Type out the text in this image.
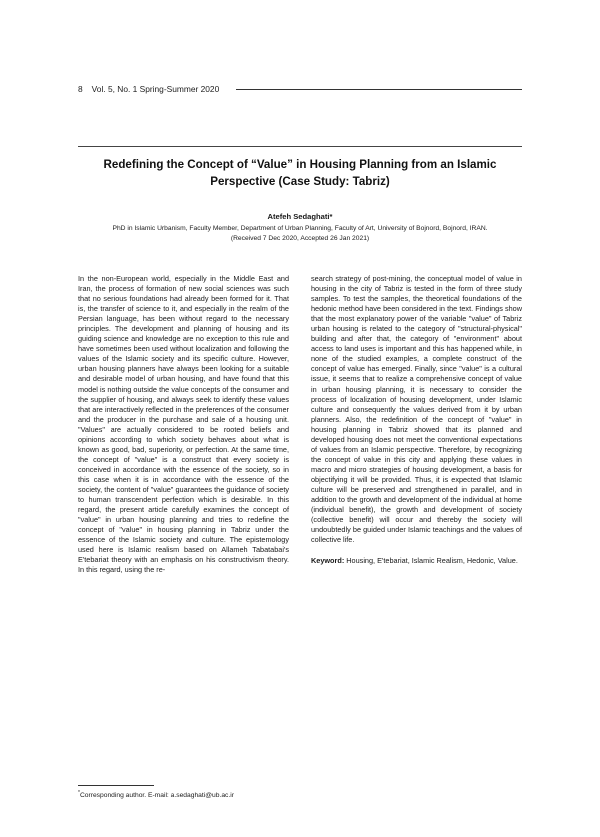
8 Vol. 5, No. 1 Spring-Summer 2020
Redefining the Concept of “Value” in Housing Planning from an Islamic Perspective (Case Study: Tabriz)
Atefeh Sedaghati*
PhD in Islamic Urbanism, Faculty Member, Department of Urban Planning, Faculty of Art, University of Bojnord, Bojnord, IRAN.
(Received 7 Dec 2020, Accepted 26 Jan 2021)

In the non-European world, especially in the Middle East and Iran, the process of formation of new social sciences was such that no serious foundations had already been formed for it. That is, the transfer of science to it, and especially in the realm of the Persian language, has been without regard to the necessary principles. The development and planning of housing and its guiding science and knowledge are no exception to this rule and have sometimes been used without localization and following the values of the Islamic society and its specific culture. However, urban housing planners have always been looking for a suitable and desirable model of urban housing, and have found that this model is nothing outside the value concepts of the consumer and the supplier of housing, and always seek to identify these values that are interactively reflected in the preferences of the consumer and the producer in the purchase and sale of a housing unit. "Values" are actually considered to be rooted beliefs and opinions according to which society behaves about what is known as good, bad, superiority, or perfection. At the same time, the concept of "value" is a construct that every society is conceived in accordance with the essence of the society, so in this case when it is in accordance with the essence of the society, the content of "value" guarantees the guidance of society to human transcendent perfection which is desirable. In this regard, the present article carefully examines the concept of "value" in urban housing planning and tries to redefine the concept of "value" in housing planning in Tabriz under the essence of the Islamic society and culture. The epistemology used here is Islamic realism based on Allameh Tabatabai's E'tebariat theory with an emphasis on his constructivism theory. In this regard, using the re-

search strategy of post-mining, the conceptual model of value in housing in the city of Tabriz is tested in the form of three study samples. To test the samples, the theoretical foundations of the hedonic method have been considered in the text. Findings show that the most explanatory power of the variable "value" of Tabriz urban housing is related to the category of "structural-physical" building and after that, the category of "environment" about access to land uses is important and this has happened while, in none of the studied examples, a complete construct of the concept of value has emerged. Finally, since "value" is a cultural issue, it seems that to realize a comprehensive concept of value in urban housing planning, it is necessary to consider the process of localization of housing development, under Islamic culture and consequently the values derived from it by urban planners. Also, the redefinition of the concept of "value" in housing planning in Tabriz showed that its planned and developed housing does not meet the conventional expectations of values from an Islamic perspective. Therefore, by recognizing the concept of value in this city and applying these values in macro and micro strategies of housing development, a basis for objectifying it will be provided. Thus, it is expected that Islamic culture will be preserved and strengthened in parallel, and in addition to the growth and development of the individual at home (individual benefit), the growth and development of society (collective benefit) will occur and thereby the society will undoubtedly be guided under Islamic teachings and the values of collective life.

Keyword: Housing, E'tebariat, Islamic Realism, Hedonic, Value.

*Corresponding author. E-mail: a.sedaghati@ub.ac.ir
